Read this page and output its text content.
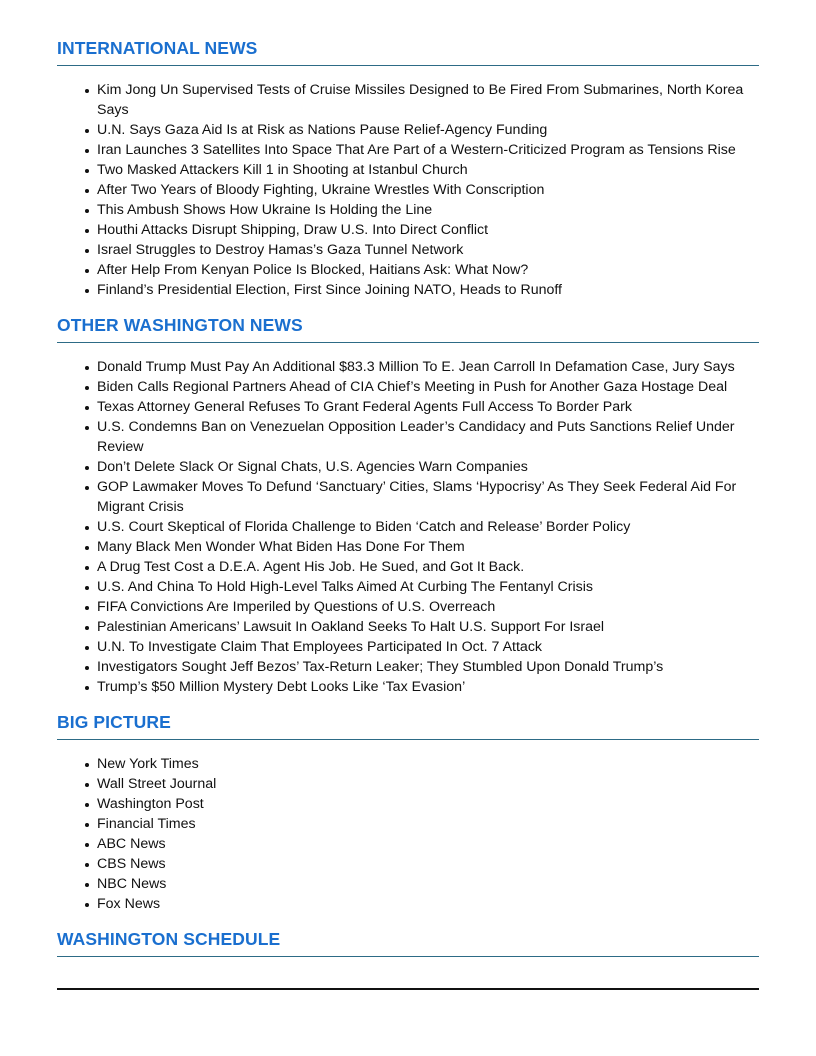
INTERNATIONAL NEWS
Kim Jong Un Supervised Tests of Cruise Missiles Designed to Be Fired From Submarines, North Korea Says
U.N. Says Gaza Aid Is at Risk as Nations Pause Relief-Agency Funding
Iran Launches 3 Satellites Into Space That Are Part of a Western-Criticized Program as Tensions Rise
Two Masked Attackers Kill 1 in Shooting at Istanbul Church
After Two Years of Bloody Fighting, Ukraine Wrestles With Conscription
This Ambush Shows How Ukraine Is Holding the Line
Houthi Attacks Disrupt Shipping, Draw U.S. Into Direct Conflict
Israel Struggles to Destroy Hamas’s Gaza Tunnel Network
After Help From Kenyan Police Is Blocked, Haitians Ask: What Now?
Finland’s Presidential Election, First Since Joining NATO, Heads to Runoff
OTHER WASHINGTON NEWS
Donald Trump Must Pay An Additional $83.3 Million To E. Jean Carroll In Defamation Case, Jury Says
Biden Calls Regional Partners Ahead of CIA Chief’s Meeting in Push for Another Gaza Hostage Deal
Texas Attorney General Refuses To Grant Federal Agents Full Access To Border Park
U.S. Condemns Ban on Venezuelan Opposition Leader’s Candidacy and Puts Sanctions Relief Under Review
Don’t Delete Slack Or Signal Chats, U.S. Agencies Warn Companies
GOP Lawmaker Moves To Defund ‘Sanctuary’ Cities, Slams ‘Hypocrisy’ As They Seek Federal Aid For Migrant Crisis
U.S. Court Skeptical of Florida Challenge to Biden ‘Catch and Release’ Border Policy
Many Black Men Wonder What Biden Has Done For Them
A Drug Test Cost a D.E.A. Agent His Job. He Sued, and Got It Back.
U.S. And China To Hold High-Level Talks Aimed At Curbing The Fentanyl Crisis
FIFA Convictions Are Imperiled by Questions of U.S. Overreach
Palestinian Americans’ Lawsuit In Oakland Seeks To Halt U.S. Support For Israel
U.N. To Investigate Claim That Employees Participated In Oct. 7 Attack
Investigators Sought Jeff Bezos’ Tax-Return Leaker; They Stumbled Upon Donald Trump’s
Trump’s $50 Million Mystery Debt Looks Like ‘Tax Evasion’
BIG PICTURE
New York Times
Wall Street Journal
Washington Post
Financial Times
ABC News
CBS News
NBC News
Fox News
WASHINGTON SCHEDULE
